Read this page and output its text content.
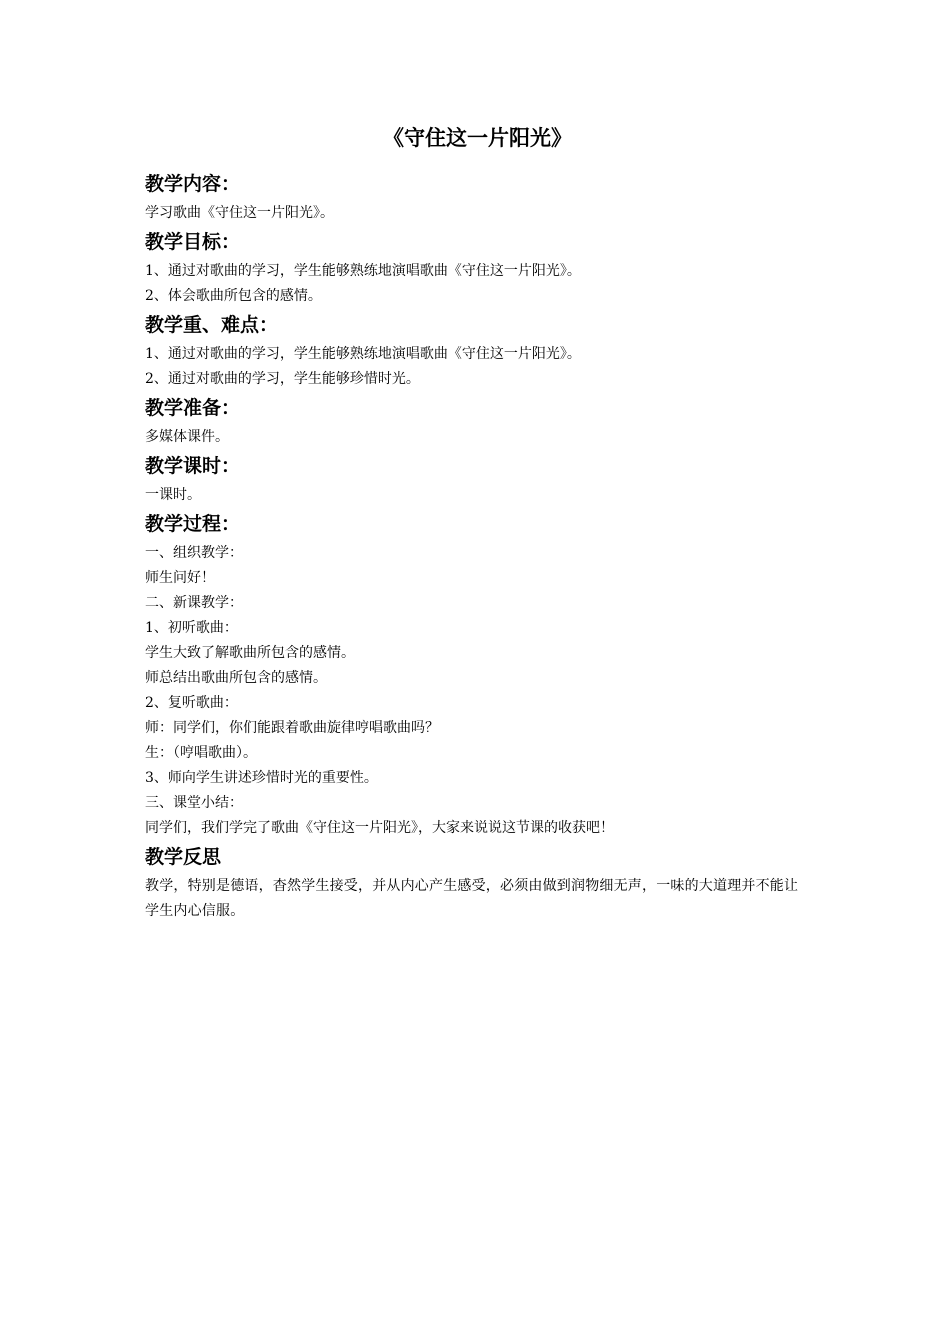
《守住这一片阳光》
教学内容：

学习歌曲《守住这一片阳光》。

教学目标：

1、通过对歌曲的学习，学生能够熟练地演唱歌曲《守住这一片阳光》。

2、体会歌曲所包含的感情。

教学重、难点：

1、通过对歌曲的学习，学生能够熟练地演唱歌曲《守住这一片阳光》。

2、通过对歌曲的学习，学生能够珍惜时光。

教学准备：

多媒体课件。

教学课时：

一课时。

教学过程：

一、组织教学：

师生问好！

二、新课教学：

1、初听歌曲：

学生大致了解歌曲所包含的感情。

师总结出歌曲所包含的感情。

2、复听歌曲：

师：同学们，你们能跟着歌曲旋律哼唱歌曲吗？

生：（哼唱歌曲）。

3、师向学生讲述珍惜时光的重要性。

三、课堂小结：

同学们，我们学完了歌曲《守住这一片阳光》，大家来说说这节课的收获吧！

教学反思

教学，特别是德语，杳然学生接受，并从内心产生感受，必须由做到润物细无声，一味的大道理并不能让学生内心信服。
